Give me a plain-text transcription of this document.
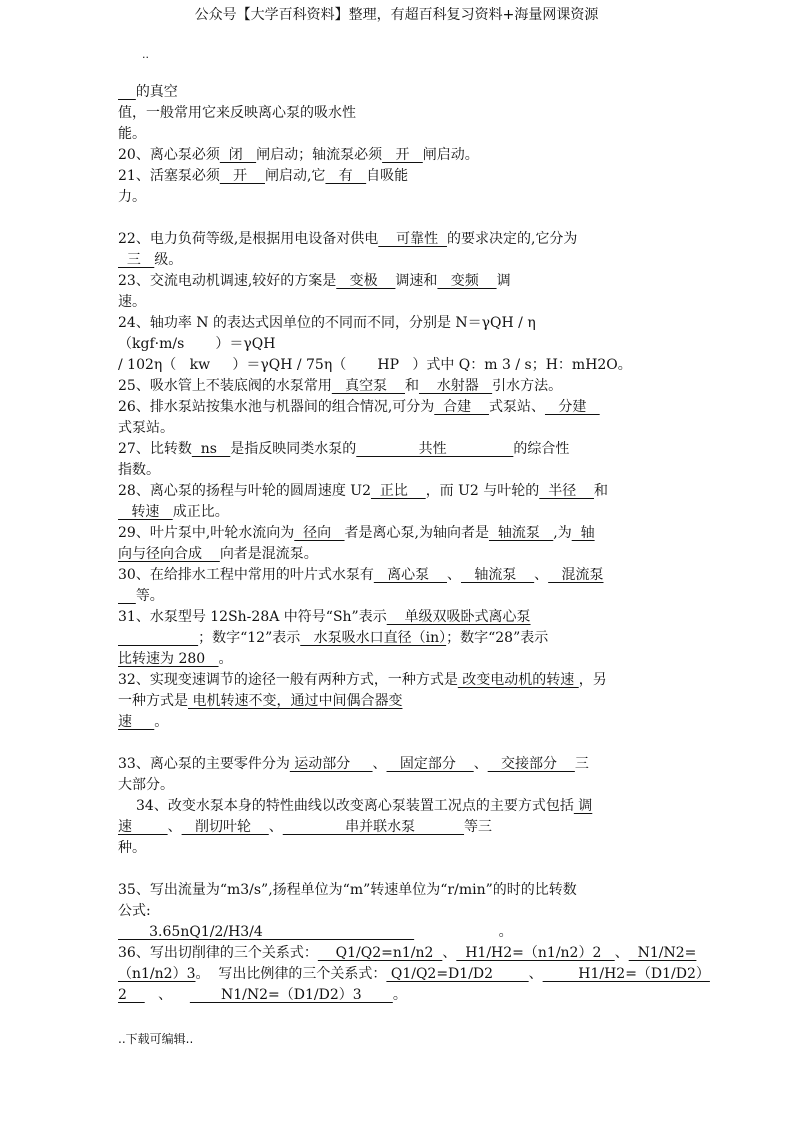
公众号【大学百科资料】整理，有超百科复习资料+海量网课资源
..
的真空
值，一般常用它来反映离心泵的吸水性
能。
20、离心泵必须  闭   闸启动；轴流泵必须   开   闸启动。
21、活塞泵必须   开    闸启动,它   有   自吸能
力。
22、电力负荷等级,是根据用电设备对供电    可靠性  的要求决定的,它分为
三   级。
23、交流电动机调速,较好的方案是   变极    调速和   变频    调
速。
24、轴功率 N 的表达式因单位的不同而不同，分别是 N＝γQH / η
（kgf·m/s       ）＝γQH
/ 102η（   kw     ）＝γQH / 75η（       HP   ）式中 Q：m 3 / s；H：mH2O。
25、吸水管上不装底阀的水泵常用   真空泵    和    水射器   引水方法。
26、排水泵站按集水池与机器间的组合情况,可分为  合建    式泵站、   分建
式泵站。
27、比转数  ns   是指反映同类水泵的              共性               的综合性
指数。
28、离心泵的扬程与叶轮的圆周速度 U2  正比    ，而 U2 与叶轮的  半径    和
转速   成正比。
29、叶片泵中,叶轮水流向为  径向   者是离心泵,为轴向者是  轴流泵   ,为  轴
向与径向合成    向者是混流泵。
30、在给排水工程中常用的叶片式水泵有   离心泵    、   轴流泵    、   混流泵
等。
31、水泵型号 12Sh-28A 中符号“Sh”表示    单级双吸卧式离心泵
；数字“12”表示   水泵吸水口直径（in）；数字“28”表示
比转速为 280   。
32、实现变速调节的途径一般有两种方式，一种方式是 改变电动机的转速 ，另
一种方式是 电机转速不变，通过中间偶合器变
速     。
33、离心泵的主要零件分为 运动部分     、   固定部分    、   交接部分    三
大部分。
34、改变水泵本身的特性曲线以改变离心泵装置工况点的主要方式包括 调
速        、   削切叶轮    、              串并联水泵           等三
种。
35、写出流量为“m3/s”,扬程单位为“m”转速单位为“r/min”的时的比转数
公式:
3.65nQ1/2/H3/4                                                     。
36、写出切削律的三个关系式：    Q1/Q2=n1/n2  、  H1/H2=（n1/n2）2   、  N1/N2=
（n1/n2）3。  写出比例律的三个关系式： Q1/Q2=D1/D2        、        H1/H2=（D1/D2）
2       、           N1/N2=（D1/D2）3       。
..下载可编辑..
